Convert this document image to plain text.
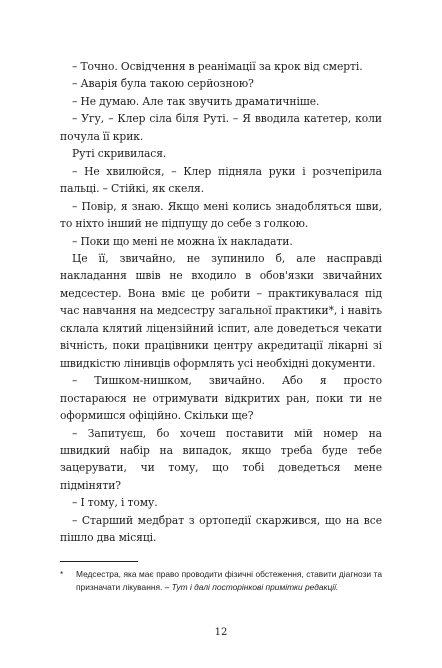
– Точно. Освідчення в реанімації за крок від смерті.

– Аварія була такою серйозною?

– Не думаю. Але так звучить драматичніше.

– Угу, – Клер сіла біля Руті. – Я вводила катетер, коли почула її крик.

Руті скривилася.

– Не хвилюйся, – Клер підняла руки і розчепірила пальці. – Стійкі, як скеля.

– Повір, я знаю. Якщо мені колись знадобляться шви, то ніхто інший не підпущу до себе з голкою.

– Поки що мені не можна їх накладати.

Це її, звичайно, не зупинило б, але насправді накладання швів не входило в обов'язки звичайних медсестер. Вона вміє це робити – практикувалася під час навчання на медсестру загальної практики*, і навіть склала клятий ліцензійний іспит, але доведеться чекати вічність, поки працівники центру акредитації лікарні зі швидкістю лінивців оформлять усі необхідні документи.

– Тишком-нишком, звичайно. Або я просто постараюся не отримувати відкритих ран, поки ти не оформишся офіційно. Скільки ще?

– Запитуєш, бо хочеш поставити мій номер на швидкий набір на випадок, якщо треба буде тебе зацерувати, чи тому, що тобі доведеться мене підміняти?

– І тому, і тому.

– Старший медбрат з ортопедії скаржився, що на все пішло два місяці.

* Медсестра, яка має право проводити фізичні обстеження, ставити діагнози та призначати лікування. – Тут і далі посторінкові примітки редакції.

12
